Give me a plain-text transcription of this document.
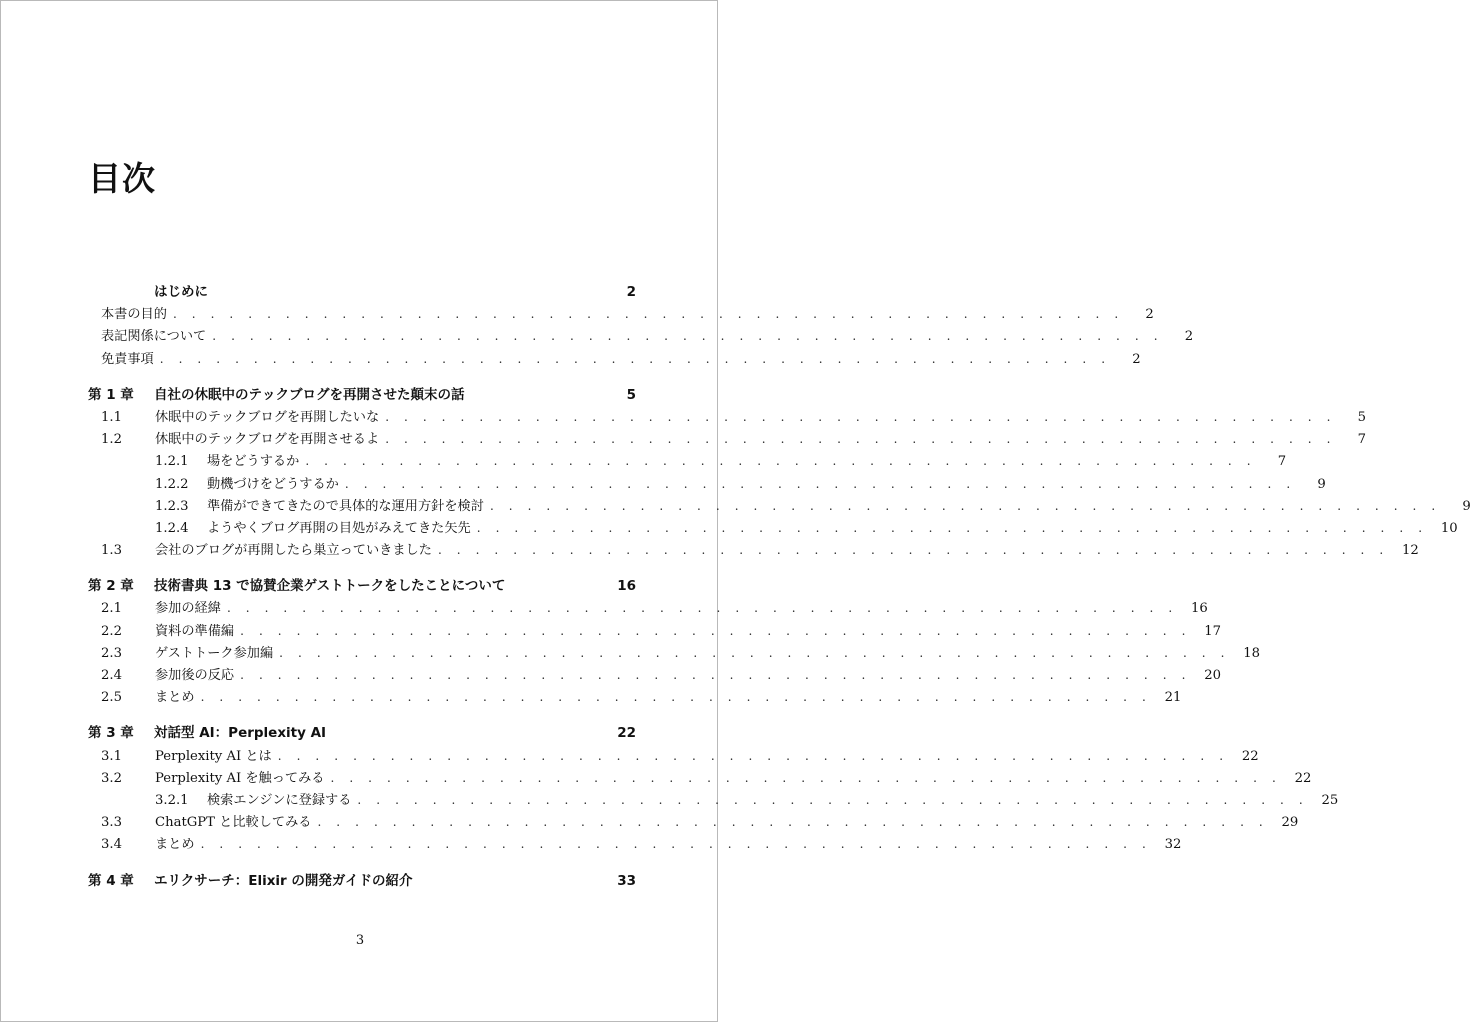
目次
はじめに	2
本書の目的 . . . . . . . . . . . . . . . . . . . . . . . . . . . . . . . . . . . . . . . . . . . . . . . . . . .	2
表記関係について . . . . . . . . . . . . . . . . . . . . . . . . . . . . . . . . . . . . . . . . . . . . . . . . . . .	2
免責事項 . . . . . . . . . . . . . . . . . . . . . . . . . . . . . . . . . . . . . . . . . . . . . . . . . . .	2
第 1 章	自社の休眠中のテックブログを再開させた顛末の話	5
1.1	休眠中のテックブログを再開したいな . . . . . . . . . . . . . . . . . . . . . . . . . . . . . . . . . . . . . . . . . . . . . . . . . . .	5
1.2	休眠中のテックブログを再開させるよ . . . . . . . . . . . . . . . . . . . . . . . . . . . . . . . . . . . . . . . . . . . . . . . . . . .	7
1.2.1	場をどうするか . . . . . . . . . . . . . . . . . . . . . . . . . . . . . . . . . . . . . . . . . . . . . . . . . . .	7
1.2.2	動機づけをどうするか . . . . . . . . . . . . . . . . . . . . . . . . . . . . . . . . . . . . . . . . . . . . . . . . . . .	9
1.2.3	準備ができてきたので具体的な運用方針を検討 . . . . . . . . . . . . . . . . . . . . . . . . . . . . . . . . . . . . . . . . . . . . . . . . . . .	9
1.2.4	ようやくブログ再開の目処がみえてきた矢先 . . . . . . . . . . . . . . . . . . . . . . . . . . . . . . . . . . . . . . . . . . . . . . . . . . . 10
1.3	会社のブログが再開したら巣立っていきました . . . . . . . . . . . . . . . . . . . . . . . . . . . . . . . . . . . . . . . . . . . . . . . . . . . 12
第 2 章	技術書典 13 で協賛企業ゲストトークをしたことについて	16
2.1	参加の経緯 . . . . . . . . . . . . . . . . . . . . . . . . . . . . . . . . . . . . . . . . . . . . . . . . . . . 16
2.2	資料の準備編 . . . . . . . . . . . . . . . . . . . . . . . . . . . . . . . . . . . . . . . . . . . . . . . . . . . 17
2.3	ゲストトーク参加編 . . . . . . . . . . . . . . . . . . . . . . . . . . . . . . . . . . . . . . . . . . . . . . . . . . . 18
2.4	参加後の反応 . . . . . . . . . . . . . . . . . . . . . . . . . . . . . . . . . . . . . . . . . . . . . . . . . . . 20
2.5	まとめ . . . . . . . . . . . . . . . . . . . . . . . . . . . . . . . . . . . . . . . . . . . . . . . . . . . 21
第 3 章	対話型 AI：Perplexity AI	22
3.1	Perplexity AI とは . . . . . . . . . . . . . . . . . . . . . . . . . . . . . . . . . . . . . . . . . . . . . . . . . . . 22
3.2	Perplexity AI を触ってみる . . . . . . . . . . . . . . . . . . . . . . . . . . . . . . . . . . . . . . . . . . . . . . . . . . . 22
3.2.1	検索エンジンに登録する . . . . . . . . . . . . . . . . . . . . . . . . . . . . . . . . . . . . . . . . . . . . . . . . . . . 25
3.3	ChatGPT と比較してみる . . . . . . . . . . . . . . . . . . . . . . . . . . . . . . . . . . . . . . . . . . . . . . . . . . . 29
3.4	まとめ . . . . . . . . . . . . . . . . . . . . . . . . . . . . . . . . . . . . . . . . . . . . . . . . . . . 32
第 4 章	エリクサーチ：Elixir の開発ガイドの紹介	33
3
